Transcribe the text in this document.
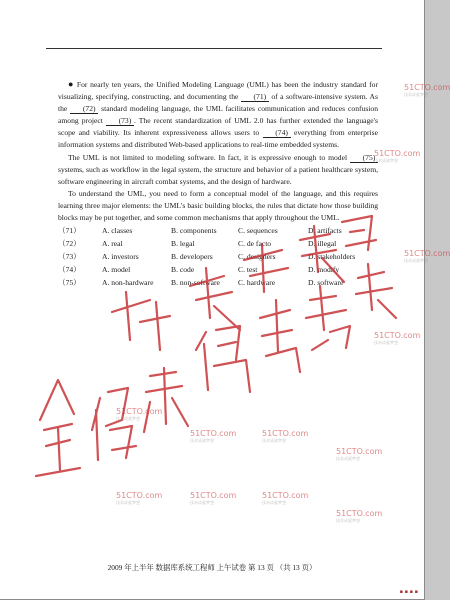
● For nearly ten years, the Unified Modeling Language (UML) has been the industry standard for visualizing, specifying, constructing, and documenting the (71) of a software-intensive system. As the (72) standard modeling language, the UML facilitates communication and reduces confusion among project (73) . The recent standardization of UML 2.0 has further extended the language's scope and viability. Its inherent expressiveness allows users to (74) everything from enterprise information systems and distributed Web-based applications to real-time embedded systems.

The UML is not limited to modeling software. In fact, it is expressive enough to model (75) systems, such as workflow in the legal system, the structure and behavior of a patient healthcare system, software engineering in aircraft combat systems, and the design of hardware.

To understand the UML, you need to form a conceptual model of the language, and this requires learning three major elements: the UML's basic building blocks, the rules that dictate how those building blocks may be put together, and some common mechanisms that apply throughout the UML.

（71）	A. classes	B. components	C. sequences	D. artifacts
（72）	A. real	B. legal	C. de facto	D. illegal
（73）	A. investors	B. developers	C. designers	D. stakeholders
（74）	A. model	B. code	C. test	D. modify
（75）	A. non-hardware	B. non-software	C. hardware	D. software
51CTO.com
技术成就梦想
51CTO.com
技术成就梦想
51CTO.com
技术成就梦想
51CTO.com
技术成就梦想
51CTO.com
技术成就梦想
51CTO.com
技术成就梦想
51CTO.com
技术成就梦想
51CTO.com
技术成就梦想
51CTO.com
技术成就梦想
51CTO.com
技术成就梦想
51CTO.com
技术成就梦想
51CTO.com
技术成就梦想
2009 年上半年 数据库系统工程师 上午试卷 第 13 页 （共 13 页）
▪ ▪ ▪ ▪
